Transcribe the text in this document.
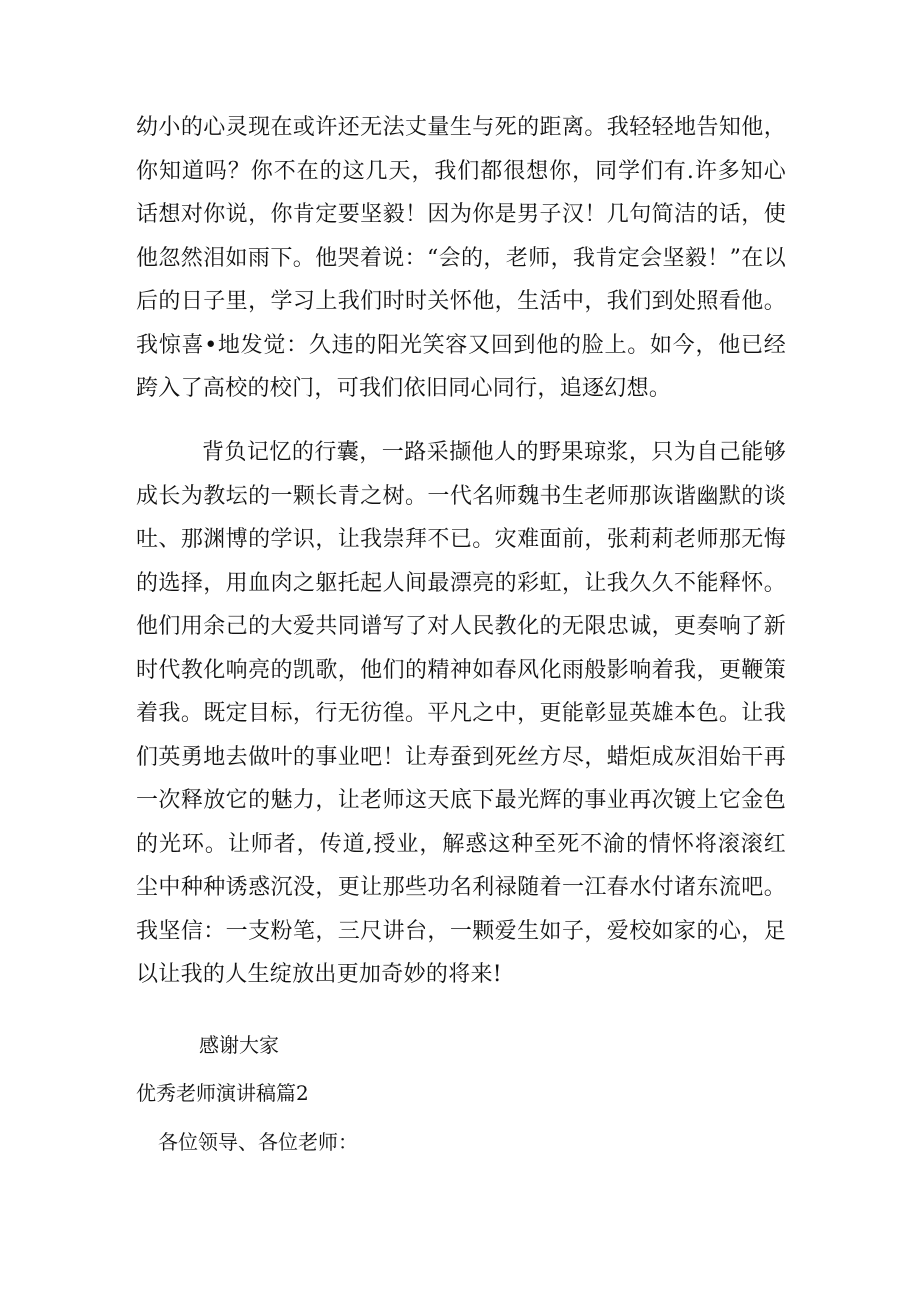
幼小的心灵现在或许还无法丈量生与死的距离。我轻轻地告知他，你知道吗？你不在的这几天，我们都很想你，同学们有.许多知心话想对你说，你肯定要坚毅！因为你是男子汉！几句简洁的话，使他忽然泪如雨下。他哭着说：“会的，老师，我肯定会坚毅！”在以后的日子里，学习上我们时时关怀他，生活中，我们到处照看他。我惊喜•地发觉：久违的阳光笑容又回到他的脸上。如今，他已经跨入了高校的校门，可我们依旧同心同行，追逐幻想。

背负记忆的行囊，一路采撷他人的野果琼浆，只为自己能够成长为教坛的一颗长青之树。一代名师魏书生老师那诙谐幽默的谈吐、那渊博的学识，让我崇拜不已。灾难面前，张莉莉老师那无悔的选择，用血肉之躯托起人间最漂亮的彩虹，让我久久不能释怀。他们用余己的大爱共同谱写了对人民教化的无限忠诚，更奏响了新时代教化响亮的凯歌，他们的精神如春风化雨般影响着我，更鞭策着我。既定目标，行无彷徨。平凡之中，更能彰显英雄本色。让我们英勇地去做叶的事业吧！让寿蚕到死丝方尽，蜡炬成灰泪始干再一次释放它的魅力，让老师这天底下最光辉的事业再次镀上它金色的光环。让师者，传道,授业，解惑这种至死不渝的情怀将滚滚红尘中种种诱惑沉没，更让那些功名利禄随着一江春水付诸东流吧。我坚信：一支粉笔，三尺讲台，一颗爱生如子，爱校如家的心，足以让我的人生绽放出更加奇妙的将来!

感谢大家

优秀老师演讲稿篇2

各位领导、各位老师：
